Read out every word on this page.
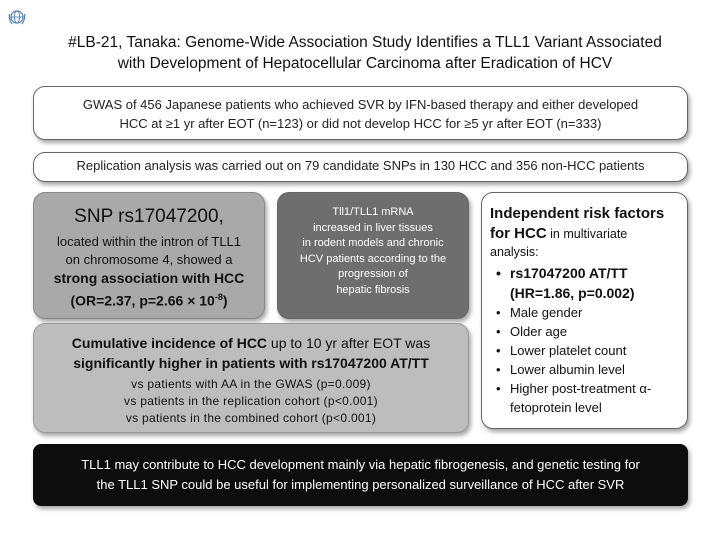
#LB-21, Tanaka: Genome-Wide Association Study Identifies a TLL1 Variant Associated
with Development of Hepatocellular Carcinoma after Eradication of HCV
GWAS of 456 Japanese patients who achieved SVR by IFN-based therapy and either developed
HCC at ≥1 yr after EOT (n=123) or did not develop HCC for ≥5 yr after EOT (n=333)
Replication analysis was carried out on 79 candidate SNPs in 130 HCC and 356 non-HCC patients
SNP rs17047200,
located within the intron of TLL1
on chromosome 4, showed a
strong association with HCC
(OR=2.37, $p=2.66 \times 10^{-8}$)
Tll1/TLL1 mRNA
increased in liver tissues
in rodent models and chronic
HCV patients according to the
progression of
hepatic fibrosis
Independent risk factors
for HCC in multivariate
analysis:
• rs17047200 AT/TT (HR=1.86, p=0.002)
• Male gender
• Older age
• Lower platelet count
• Lower albumin level
• Higher post-treatment α-fetoprotein level
Cumulative incidence of HCC up to 10 yr after EOT was
significantly higher in patients with rs17047200 AT/TT
vs patients with AA in the GWAS (p=0.009)
vs patients in the replication cohort (p<0.001)
vs patients in the combined cohort (p<0.001)
TLL1 may contribute to HCC development mainly via hepatic fibrogenesis, and genetic testing for
the TLL1 SNP could be useful for implementing personalized surveillance of HCC after SVR
